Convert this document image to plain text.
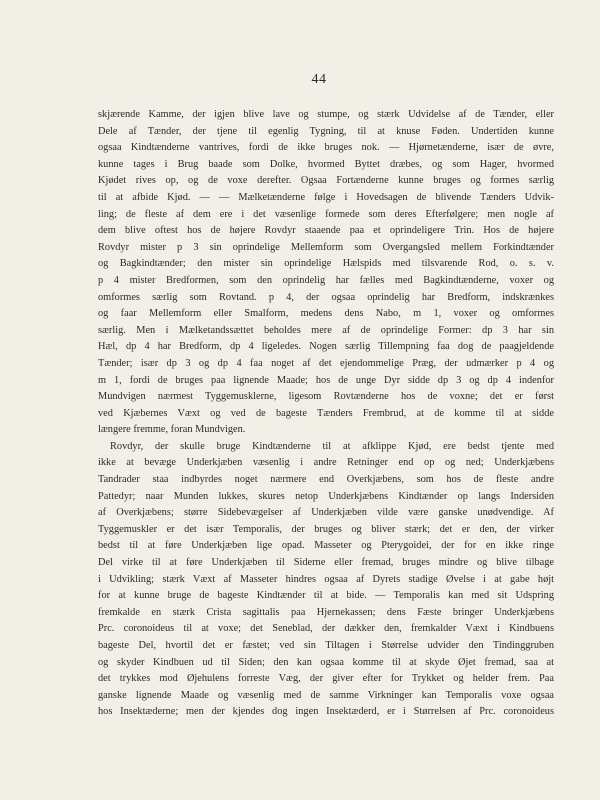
44
skjærende Kamme, der igjen blive lave og stumpe, og stærk Udvidelse af de Tænder, eller
Dele af Tænder, der tjene til egenlig Tygning, til at knuse Føden. Undertiden kunne
ogsaa Kindtænderne vantrives, fordi de ikke bruges nok. — Hjørnetænderne, især de øvre,
kunne tages i Brug baade som Dolke, hvormed Byttet dræbes, og som Hager, hvormed
Kjødet rives op, og de voxe derefter. Ogsaa Fortænderne kunne bruges og formes særlig
til at afbide Kjød. — — Mælketænderne følge i Hovedsagen de blivende Tænders Udvik-
ling; de fleste af dem ere i det væsenlige formede som deres Efterfølgere; men nogle af
dem blive oftest hos de højere Rovdyr staaende paa et oprindeligere Trin. Hos de højere
Rovdyr mister p 3 sin oprindelige Mellemform som Overgangsled mellem Forkindtænder
og Bagkindtænder; den mister sin oprindelige Hælspids med tilsvarende Rod, o. s. v.
p 4 mister Bredformen, som den oprindelig har fælles med Bagkindtænderne, voxer og
omformes særlig som Rovtand. p 4, der ogsaa oprindelig har Bredform, indskrænkes
og faar Mellemform eller Smalform, medens dens Nabo, m 1, voxer og omformes
særlig. Men i Mælketandssættet beholdes mere af de oprindelige Former: dp 3 har sin
Hæl, dp 4 har Bredform, dp 4 ligeledes. Nogen særlig Tillempning faa dog de paagjeldende
Tænder; især dp 3 og dp 4 faa noget af det ejendommelige Præg, der udmærker p 4 og
m 1, fordi de bruges paa lignende Maade; hos de unge Dyr sidde dp 3 og dp 4 indenfor
Mundvigen nærmest Tyggemusklerne, ligesom Rovtænderne hos de voxne; det er først
ved Kjæbernes Væxt og ved de bageste Tænders Frembrud, at de komme til at sidde
længere fremme, foran Mundvigen.
Rovdyr, der skulle bruge Kindtænderne til at afklippe Kjød, ere bedst tjente med
ikke at bevæge Underkjæben væsenlig i andre Retninger end op og ned; Underkjæbens
Tandrader staa indbyrdes noget nærmere end Overkjæbens, som hos de fleste andre
Pattedyr; naar Munden lukkes, skures netop Underkjæbens Kindtænder op langs Indersiden
af Overkjæbens; større Sidebevægelser af Underkjæben vilde være ganske unødvendige. Af
Tyggemuskler er det især Temporalis, der bruges og bliver stærk; det er den, der virker
bedst til at føre Underkjæben lige opad. Masseter og Pterygoidei, der for en ikke ringe
Del virke til at føre Underkjæben til Siderne eller fremad, bruges mindre og blive tilbage
i Udvikling; stærk Væxt af Masseter hindres ogsaa af Dyrets stadige Øvelse i at gabe højt
for at kunne bruge de bageste Kindtænder til at bide. — Temporalis kan med sit Udspring
fremkalde en stærk Crista sagittalis paa Hjernekassen; dens Fæste bringer Underkjæbens
Prc. coronoideus til at voxe; det Seneblad, der dækker den, fremkalder Væxt i Kindbuens
bageste Del, hvortil det er fæstet; ved sin Tiltagen i Størrelse udvider den Tindinggruben
og skyder Kindbuen ud til Siden; den kan ogsaa komme til at skyde Øjet fremad, saa at
det trykkes mod Øjehulens forreste Væg, der giver efter for Trykket og helder frem. Paa
ganske lignende Maade og væsenlig med de samme Virkninger kan Temporalis voxe ogsaa
hos Insektæderne; men der kjendes dog ingen Insektæderd, er i Størrelsen af Prc. coronoideus
